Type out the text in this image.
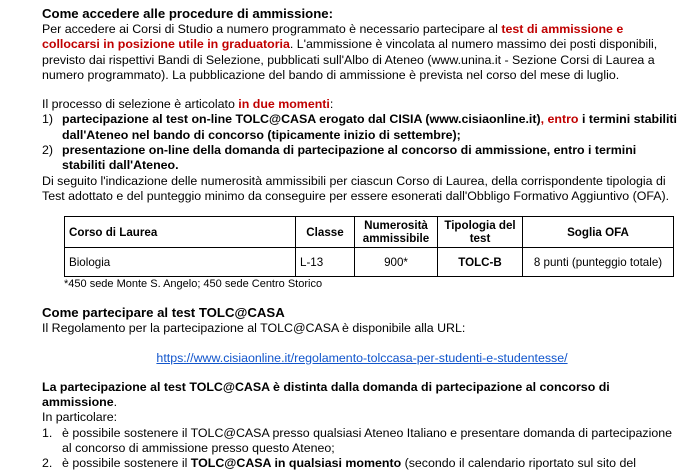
Come accedere alle procedure di ammissione:

Per accedere ai Corsi di Studio a numero programmato è necessario partecipare al test di ammissione e collocarsi in posizione utile in graduatoria. L'ammissione è vincolata al numero massimo dei posti disponibili, previsto dai rispettivi Bandi di Selezione, pubblicati sull'Albo di Ateneo (www.unina.it - Sezione Corsi di Laurea a numero programmato). La pubblicazione del bando di ammissione è prevista nel corso del mese di luglio.

Il processo di selezione è articolato in due momenti:

1) partecipazione al test on-line TOLC@CASA erogato dal CISIA (www.cisiaonline.it), entro i termini stabiliti dall'Ateneo nel bando di concorso (tipicamente inizio di settembre);
2) presentazione on-line della domanda di partecipazione al concorso di ammissione, entro i termini stabiliti dall'Ateneo.

Di seguito l'indicazione delle numerosità ammissibili per ciascun Corso di Laurea, della corrispondente tipologia di Test adottato e del punteggio minimo da conseguire per essere esonerati dall'Obbligo Formativo Aggiuntivo (OFA).

Corso di Laurea	Classe	Numerosità ammissibile	Tipologia del test	Soglia OFA
Biologia	L-13	900*	TOLC-B	8 punti (punteggio totale)
*450 sede Monte S. Angelo; 450 sede Centro Storico
Come partecipare al test TOLC@CASA

Il Regolamento per la partecipazione al TOLC@CASA è disponibile alla URL:

https://www.cisiaonline.it/regolamento-tolccasa-per-studenti-e-studentesse/

La partecipazione al test TOLC@CASA è distinta dalla domanda di partecipazione al concorso di ammissione.

In particolare:

1. è possibile sostenere il TOLC@CASA presso qualsiasi Ateneo Italiano e presentare domanda di partecipazione al concorso di ammissione presso questo Ateneo;
2. è possibile sostenere il TOLC@CASA in qualsiasi momento (secondo il calendario riportato sul sito del
